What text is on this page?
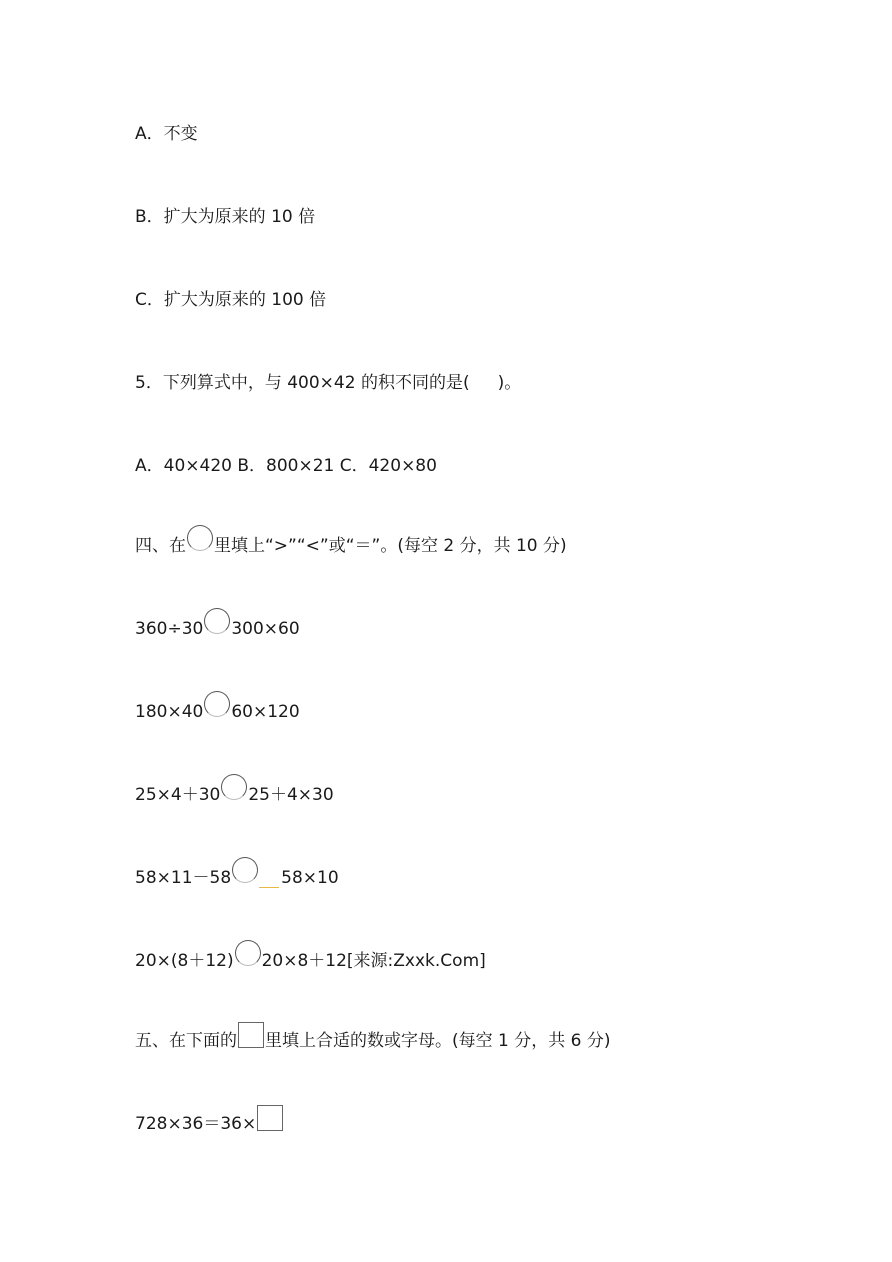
A．不变
B．扩大为原来的 10 倍
C．扩大为原来的 100 倍
5．下列算式中，与 400×42 的积不同的是( )。
A．40×420 B．800×21 C．420×80
四、在 里填上“>”“<”或“＝”。(每空 2 分，共 10 分)
360÷30 300×60
180×40 60×120
25×4＋30 25＋4×30
58×11－58	58×10
20×(8＋12) 20×8＋12[来源:Zxxk.Com]
五、在下面的 里填上合适的数或字母。(每空 1 分，共 6 分)
728×36＝36×
